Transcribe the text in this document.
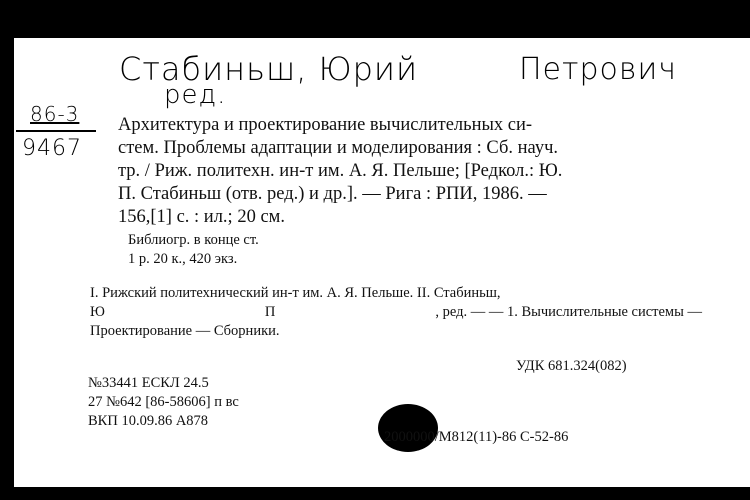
Стабиньш, Юрий	Петрович
ред.
86-3
9467
Архитектура и проектирование вычислительных си-
стем. Проблемы адаптации и моделирования : Сб. науч.
тр. / Риж. политехн. ин-т им. А. Я. Пельше; [Редкол.: Ю.
П. Стабиньш (отв. ред.) и др.]. — Рига : РПИ, 1986. —
156,[1] с. : ил.; 20 см.
Библиогр. в конце ст.
1 р. 20 к., 420 экз.
I. Рижский политехнический ин-т им. А. Я. Пельше. II. Стабиньш,
Ю	П	, ред. — — 1. Вычислительные системы —
Проектирование — Сборники.
УДК 681.324(082)
№33441 ЕСКЛ 24.5
27 №642 [86-58606] п вс
ВКП 10.09.86 А878
2000000/М812(11)-86 С-52-86
